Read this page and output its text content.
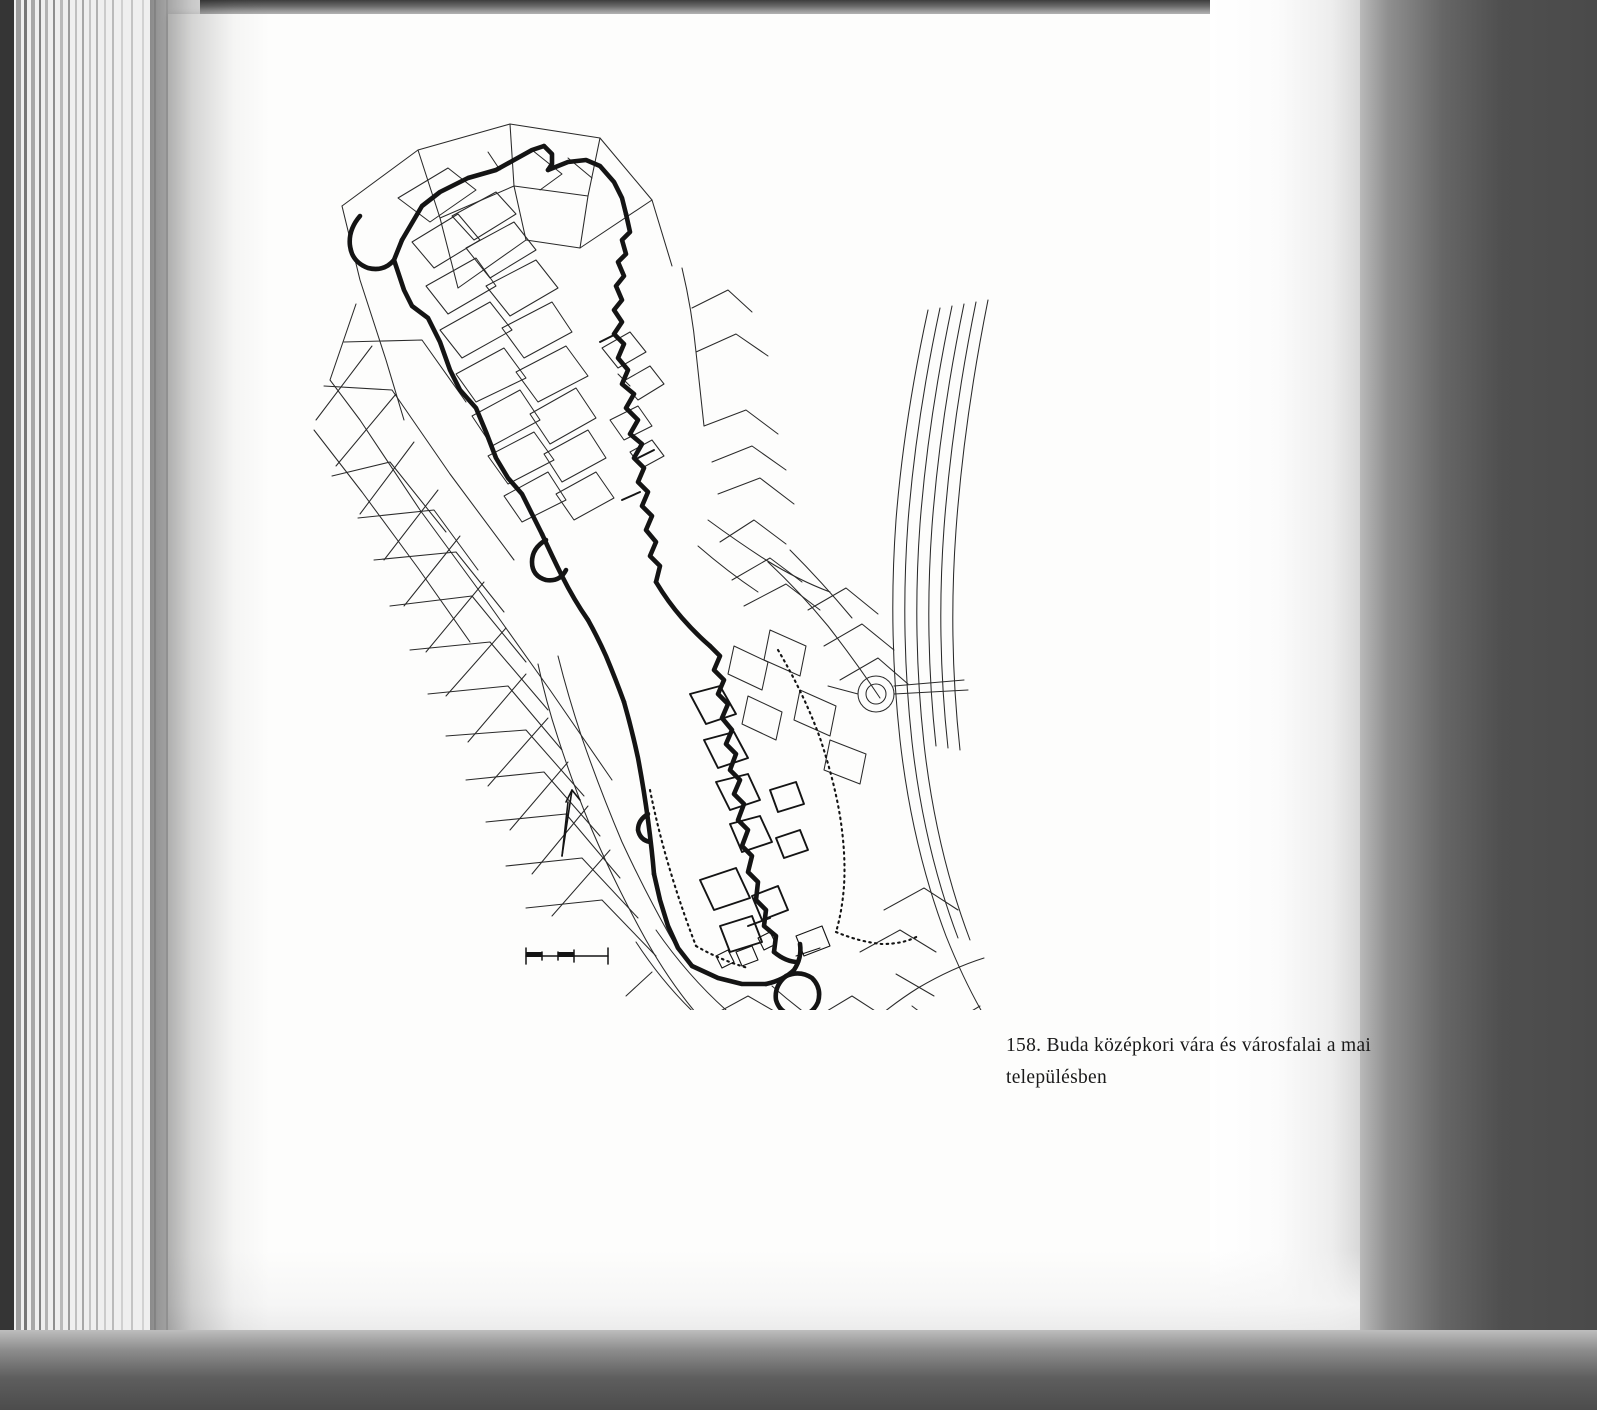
158. Buda középkori vára és városfalai a mai
településben
